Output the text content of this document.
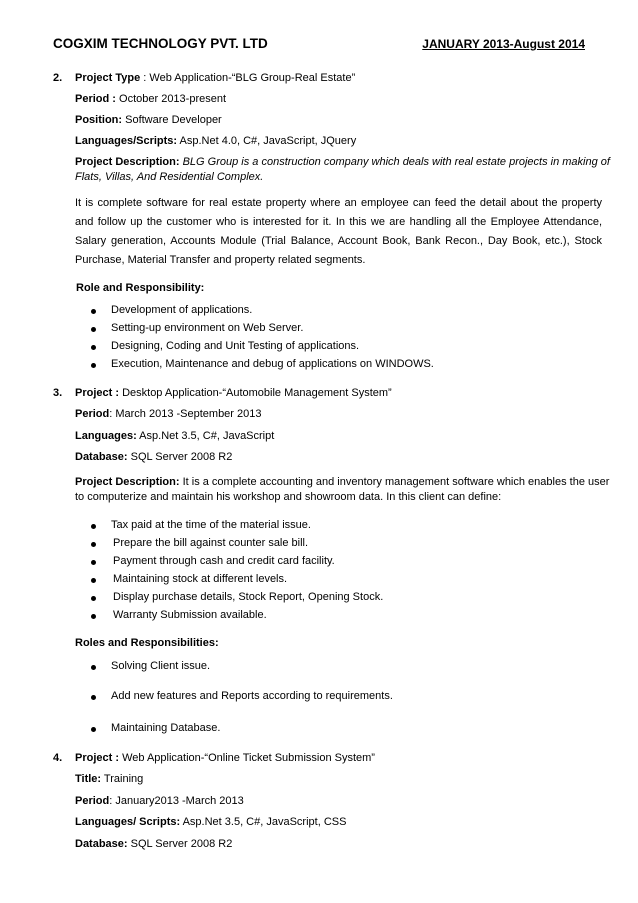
COGXIM TECHNOLOGY PVT. LTD	JANUARY 2013-August 2014
2. Project Type : Web Application-“BLG Group-Real Estate”
Period : October 2013-present
Position: Software Developer
Languages/Scripts: Asp.Net 4.0, C#, JavaScript, JQuery
Project Description: BLG Group is a construction company which deals with real estate projects in making of
Flats, Villas, And Residential Complex.
It is complete software for real estate property where an employee can feed the detail about the property and follow up the customer who is interested for it. In this we are handling all the Employee Attendance, Salary generation, Accounts Module (Trial Balance, Account Book, Bank Recon., Day Book, etc.), Stock Purchase, Material Transfer and property related segments.
Role and Responsibility:
Development of applications.
Setting-up environment on Web Server.
Designing, Coding and Unit Testing of applications.
Execution, Maintenance and debug of applications on WINDOWS.
3. Project : Desktop Application-“Automobile Management System”
Period: March 2013 -September 2013
Languages: Asp.Net 3.5, C#, JavaScript
Database: SQL Server 2008 R2
Project Description: It is a complete accounting and inventory management software which enables the user
to computerize and maintain his workshop and showroom data. In this client can define:
Tax paid at the time of the material issue.
Prepare the bill against counter sale bill.
Payment through cash and credit card facility.
Maintaining stock at different levels.
Display purchase details, Stock Report, Opening Stock.
Warranty Submission available.
Roles and Responsibilities:
Solving Client issue.
Add new features and Reports according to requirements.
Maintaining Database.
4. Project : Web Application-“Online Ticket Submission System”
Title: Training
Period: January2013 -March 2013
Languages/ Scripts: Asp.Net 3.5, C#, JavaScript, CSS
Database: SQL Server 2008 R2
